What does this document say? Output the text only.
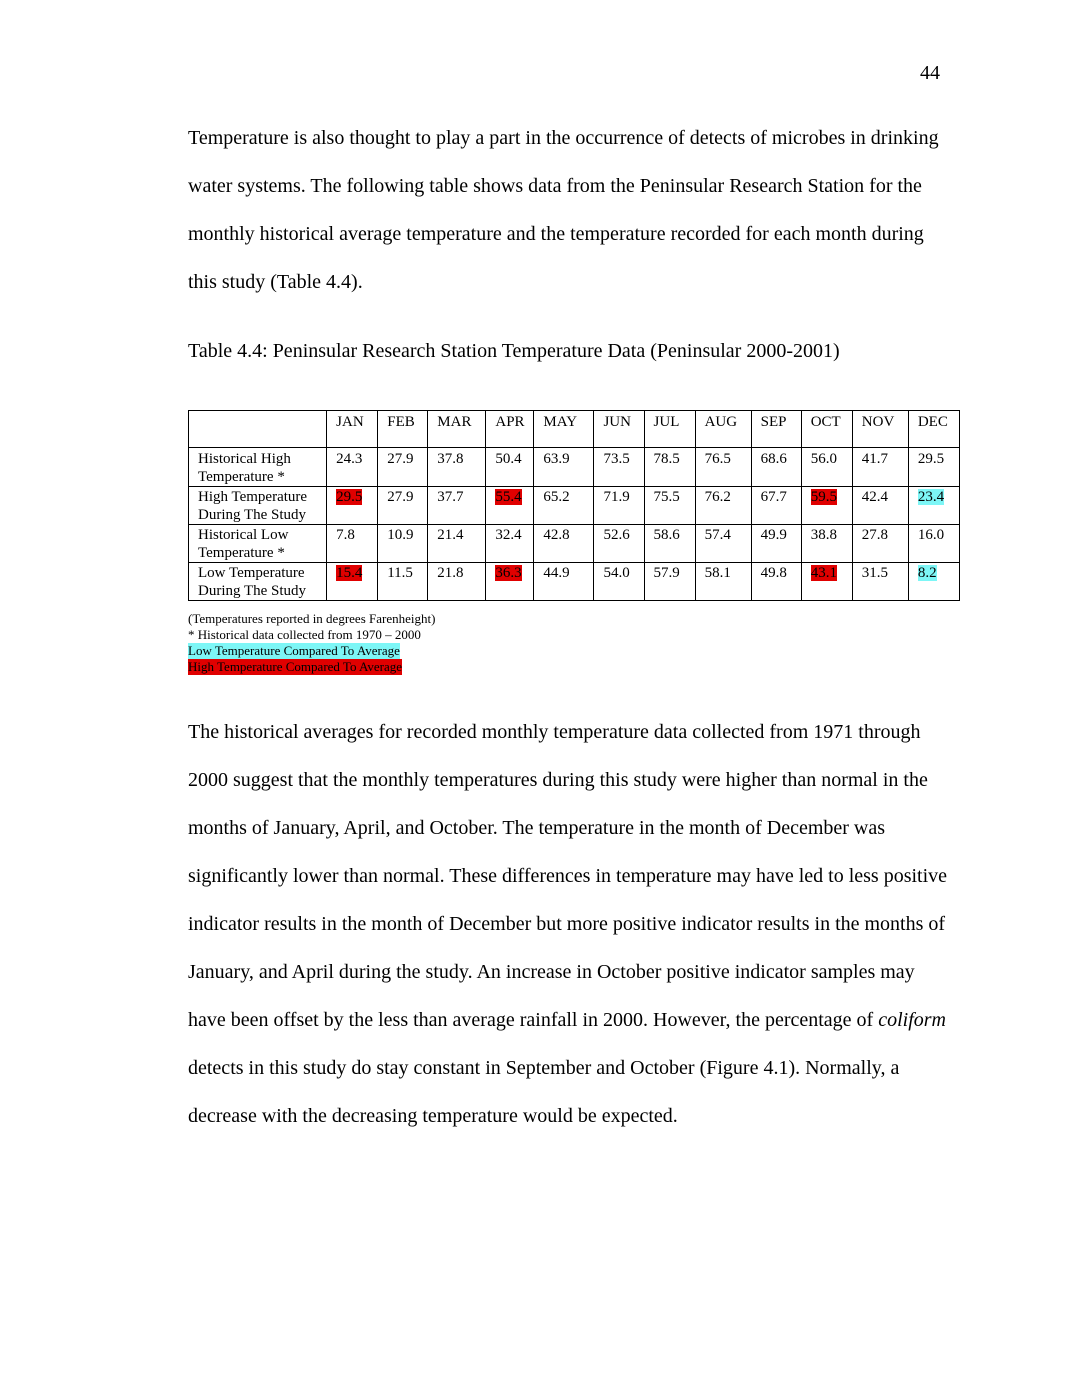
44

Temperature is also thought to play a part in the occurrence of detects of microbes in drinking water systems. The following table shows data from the Peninsular Research Station for the monthly historical average temperature and the temperature recorded for each month during this study (Table 4.4).

Table 4.4: Peninsular Research Station Temperature Data (Peninsular 2000-2001)
	JAN	FEB	MAR	APR	MAY	JUN	JUL	AUG	SEP	OCT	NOV	DEC

Historical High
Temperature *	24.3	27.9	37.8	50.4	63.9	73.5	78.5	76.5	68.6	56.0	41.7	29.5

High Temperature
During The Study	29.5	27.9	37.7	55.4	65.2	71.9	75.5	76.2	67.7	59.5	42.4	23.4

Historical Low
Temperature *	7.8	10.9	21.4	32.4	42.8	52.6	58.6	57.4	49.9	38.8	27.8	16.0

Low Temperature
During The Study	15.4	11.5	21.8	36.3	44.9	54.0	57.9	58.1	49.8	43.1	31.5	8.2
(Temperatures reported in degrees Farenheight)
* Historical data collected from 1970 – 2000
Low Temperature Compared To Average
High Temperature Compared To Average

The historical averages for recorded monthly temperature data collected from 1971 through 2000 suggest that the monthly temperatures during this study were higher than normal in the months of January, April, and October. The temperature in the month of December was significantly lower than normal. These differences in temperature may have led to less positive indicator results in the month of December but more positive indicator results in the months of January, and April during the study. An increase in October positive indicator samples may have been offset by the less than average rainfall in 2000. However, the percentage of coliform detects in this study do stay constant in September and October (Figure 4.1). Normally, a decrease with the decreasing temperature would be expected.
